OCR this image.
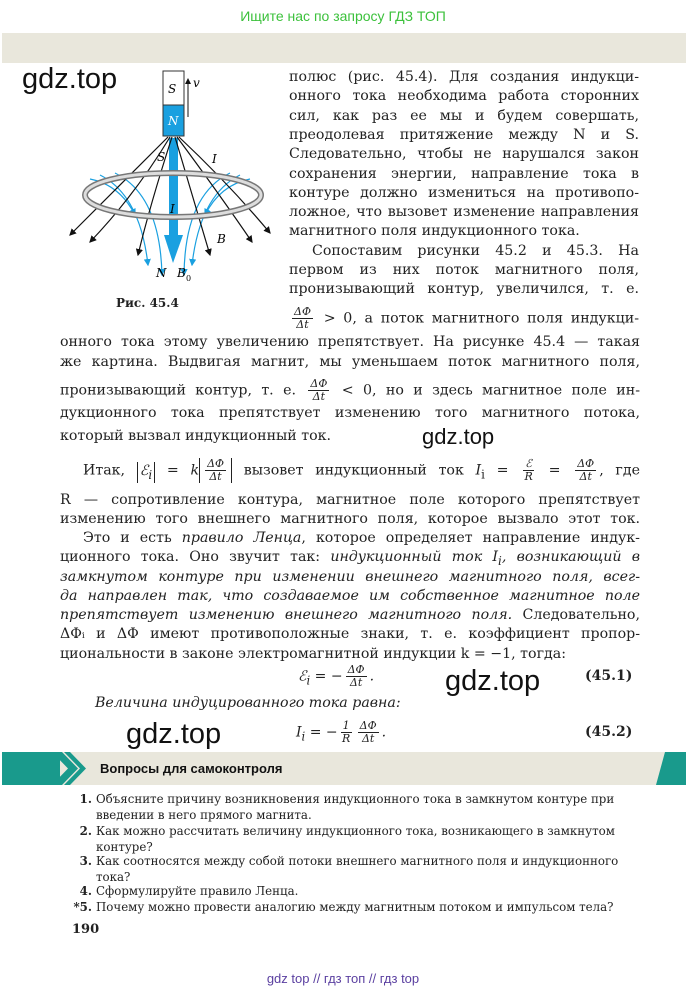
Ищите нас по запросу ГДЗ ТОП
gdz.top
gdz.top
gdz.top
gdz.top
S
N
v
S	I
I
B
N B 0
Рис. 45.4
полюс (рис. 45.4). Для создания индукци-
онного тока необходима работа сторонних
сил, как раз ее мы и будем совершать,
преодолевая притяжение между N и S.
Следовательно, чтобы не нарушался закон
сохранения энергии, направление тока в
контуре должно измениться на противопо-
ложное, что вызовет изменение направления
магнитного поля индукционного тока.
Сопоставим рисунки 45.2 и 45.3. На
первом из них поток магнитного поля,
пронизывающий контур, увеличился, т. е.
$\frac{\Delta\Phi}{\Delta t} > 0$, а поток магнитного поля индукци-
онного тока этому увеличению препятствует. На рисунке 45.4 — такая
же картина. Выдвигая магнит, мы уменьшаем поток магнитного поля,
пронизывающий контур, т. е. $\frac{\Delta\Phi}{\Delta t} < 0$, но и здесь магнитное поле ин-
дукционного тока препятствует изменению того магнитного потока,
который вызвал индукционный ток.
Итак, ℰ$_i$ = k $\frac{\Delta\Phi}{\Delta t}$ вызовет индукционный ток $I_i = \frac{\text{ℰ}}{R} = \frac{\Delta\Phi}{\Delta t}$ , где
R — сопротивление контура, магнитное поле которого препятствует
изменению того внешнего магнитного поля, которое вызвало этот ток.
Это и есть правило Ленца, которое определяет направление индук-
ционного тока. Оно звучит так: индукционный ток $I_i$, возникающий в
замкнутом контуре при изменении внешнего магнитного поля, всег-
да направлен так, что создаваемое им собственное магнитное поле
препятствует изменению внешнего магнитного поля. Следовательно,
ΔΦᵢ и ΔΦ имеют противоположные знаки, т. е. коэффициент пропор-
циональности в законе электромагнитной индукции k = −1, тогда:
ℰ$_i$ = − $\frac{\Delta\Phi}{\Delta t}$ .	(45.1)
Величина индуцированного тока равна:
$I_i$ = − $\frac{1}{R} \frac{\Delta\Phi}{\Delta t}$ .	(45.2)
Вопросы для самоконтроля
1. Объясните причину возникновения индукционного тока в замкнутом контуре при введении в него прямого магнита.
2. Как можно рассчитать величину индукционного тока, возникающего в замкнутом контуре?
3. Как соотносятся между собой потоки внешнего магнитного поля и индукционного тока?
4. Сформулируйте правило Ленца.
*5. Почему можно провести аналогию между магнитным потоком и импульсом тела?
190
gdz top // гдз топ // гдз top
